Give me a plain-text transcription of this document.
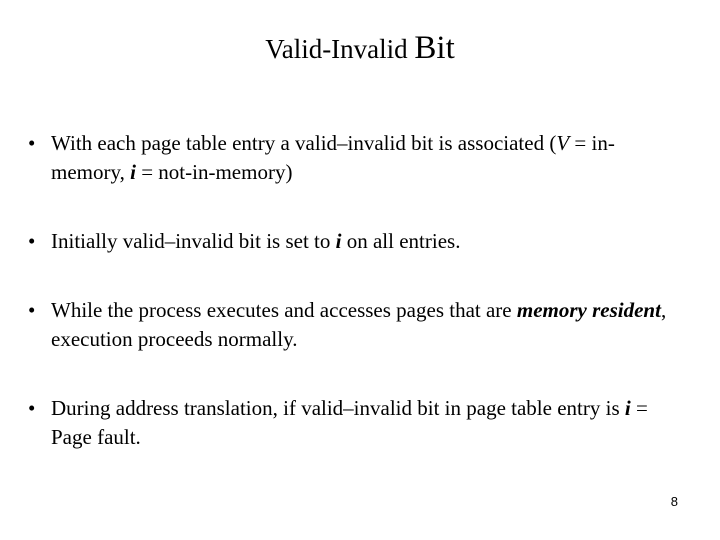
Valid-Invalid Bit
• With each page table entry a valid–invalid bit is associated (V = in-memory, i = not-in-memory)
• Initially valid–invalid bit is set to i on all entries.
• While the process executes and accesses pages that are memory resident, execution proceeds normally.
• During address translation, if valid–invalid bit in page table entry is i = Page fault.
8
